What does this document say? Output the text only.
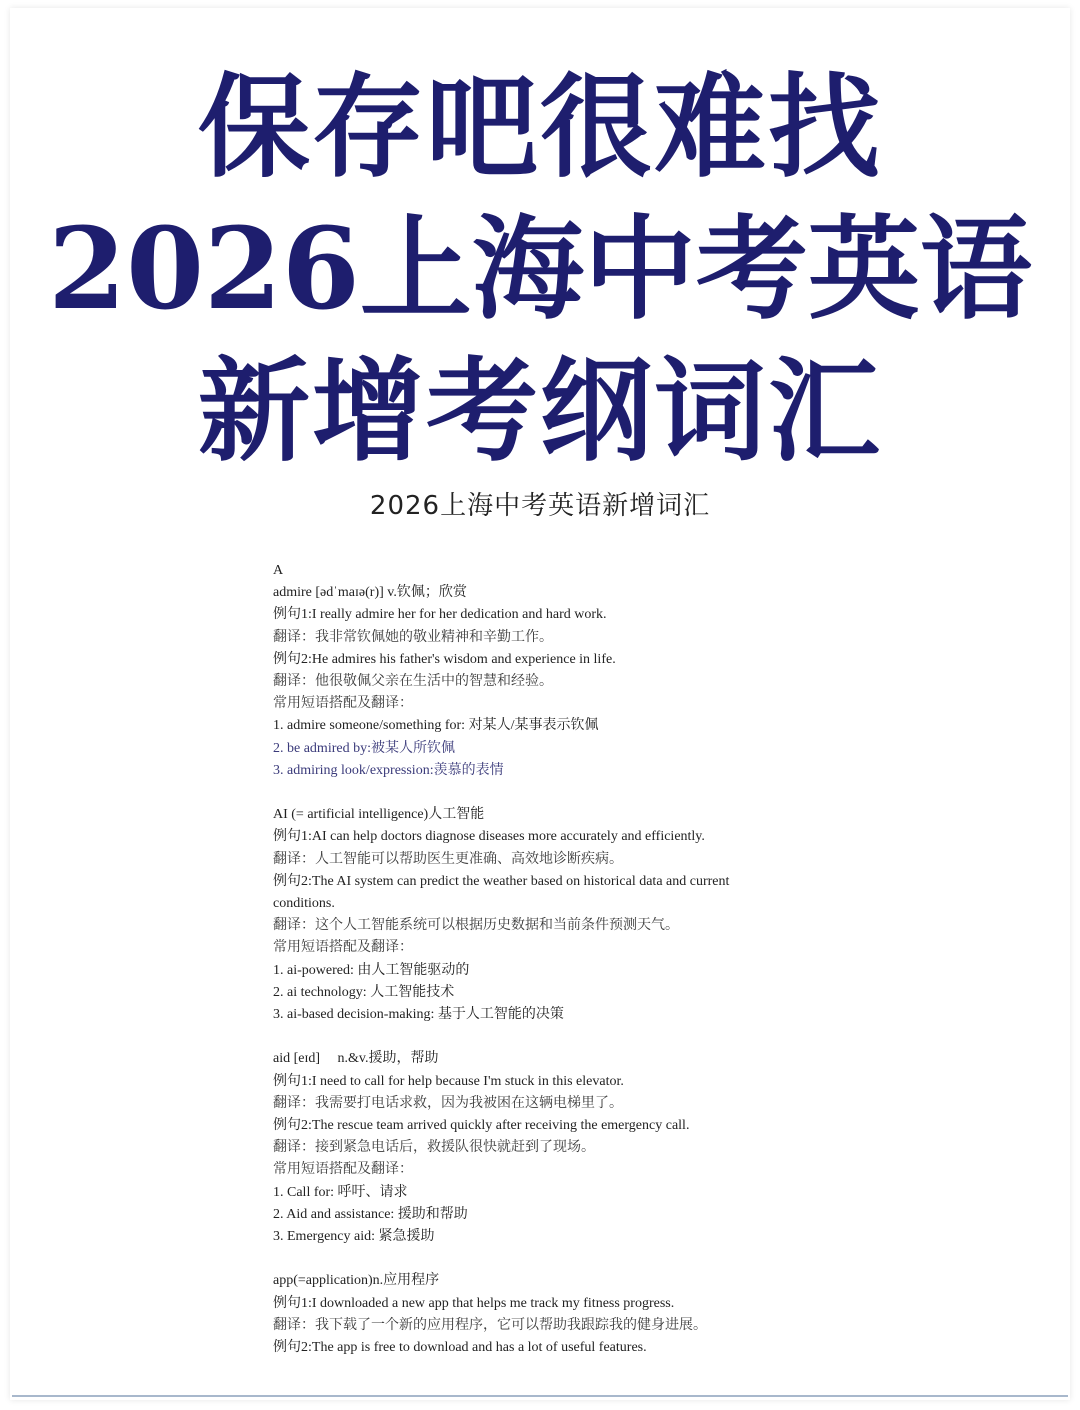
保存吧很难找
2026上海中考英语
新增考纲词汇
2026上海中考英语新增词汇
A
admire [ədˈmaɪə(r)] v.钦佩；欣赏
例句1:I really admire her for her dedication and hard work.
翻译：我非常钦佩她的敬业精神和辛勤工作。
例句2:He admires his father's wisdom and experience in life.
翻译：他很敬佩父亲在生活中的智慧和经验。
常用短语搭配及翻译：
1. admire someone/something for: 对某人/某事表示钦佩
2. be admired by:被某人所钦佩
3. admiring look/expression:羡慕的表情
AI (= artificial intelligence)人工智能
例句1:AI can help doctors diagnose diseases more accurately and efficiently.
翻译：人工智能可以帮助医生更准确、高效地诊断疾病。
例句2:The AI system can predict the weather based on historical data and current conditions.
翻译：这个人工智能系统可以根据历史数据和当前条件预测天气。
常用短语搭配及翻译：
1. ai-powered: 由人工智能驱动的
2. ai technology: 人工智能技术
3. ai-based decision-making: 基于人工智能的决策
aid [eɪd]     n.&v.援助，帮助
例句1:I need to call for help because I'm stuck in this elevator.
翻译：我需要打电话求救，因为我被困在这辆电梯里了。
例句2:The rescue team arrived quickly after receiving the emergency call.
翻译：接到紧急电话后，救援队很快就赶到了现场。
常用短语搭配及翻译：
1. Call for: 呼吁、请求
2. Aid and assistance: 援助和帮助
3. Emergency aid: 紧急援助
app(=application)n.应用程序
例句1:I downloaded a new app that helps me track my fitness progress.
翻译：我下载了一个新的应用程序，它可以帮助我跟踪我的健身进展。
例句2:The app is free to download and has a lot of useful features.
